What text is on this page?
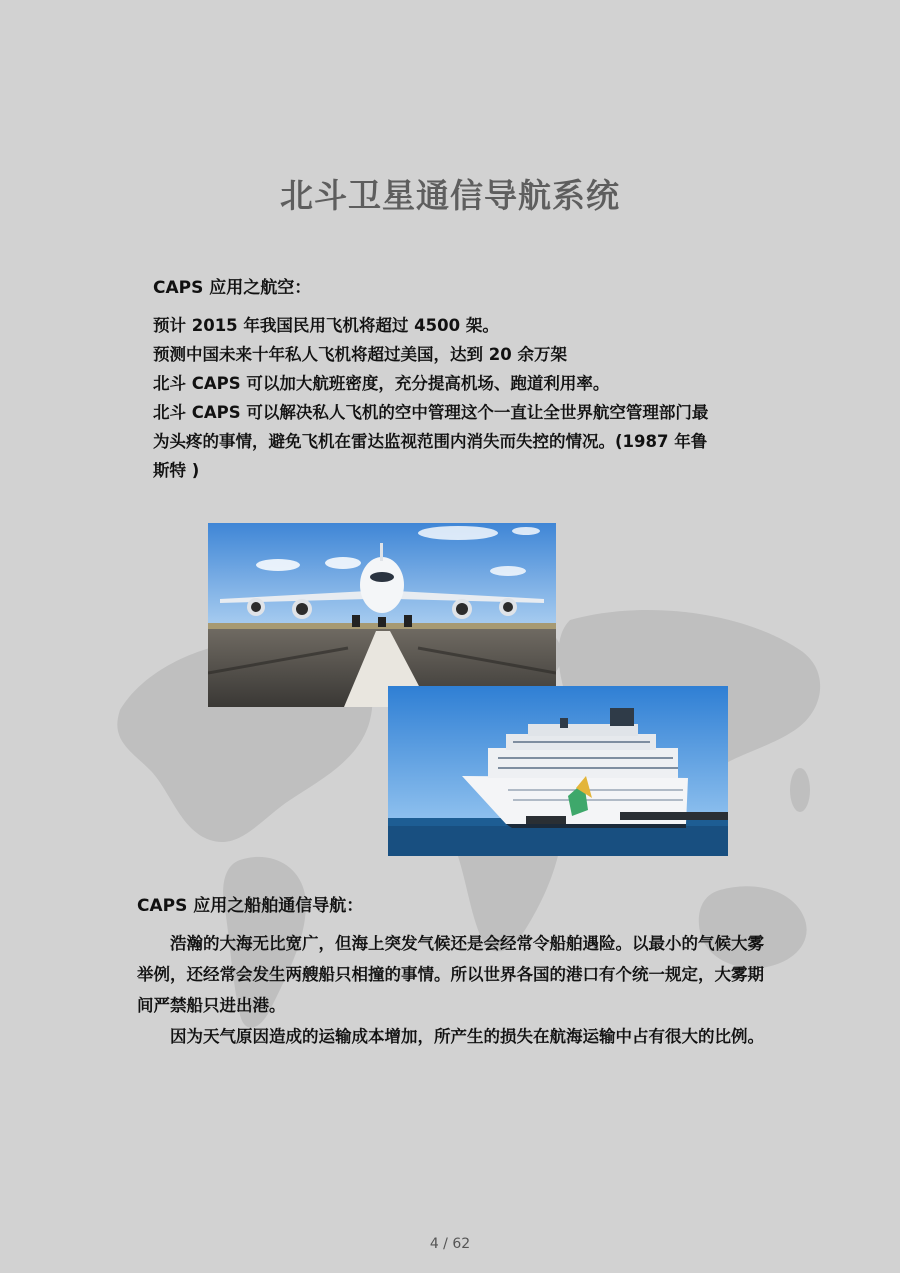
北斗卫星通信导航系统
CAPS 应用之航空：

预计 2015 年我国民用飞机将超过 4500 架。

预测中国未来十年私人飞机将超过美国，达到 20 余万架

北斗 CAPS 可以加大航班密度，充分提高机场、跑道利用率。

北斗 CAPS 可以解决私人飞机的空中管理这个一直让全世界航空管理部门最

为头疼的事情，避免飞机在雷达监视范围内消失而失控的情况。(1987 年鲁

斯特 )

CAPS 应用之船舶通信导航：

浩瀚的大海无比宽广，但海上突发气候还是会经常令船舶遇险。以最小的气候大雾举例，还经常会发生两艘船只相撞的事情。所以世界各国的港口有个统一规定，大雾期间严禁船只进出港。

因为天气原因造成的运输成本增加，所产生的损失在航海运输中占有很大的比例。

4 / 62
